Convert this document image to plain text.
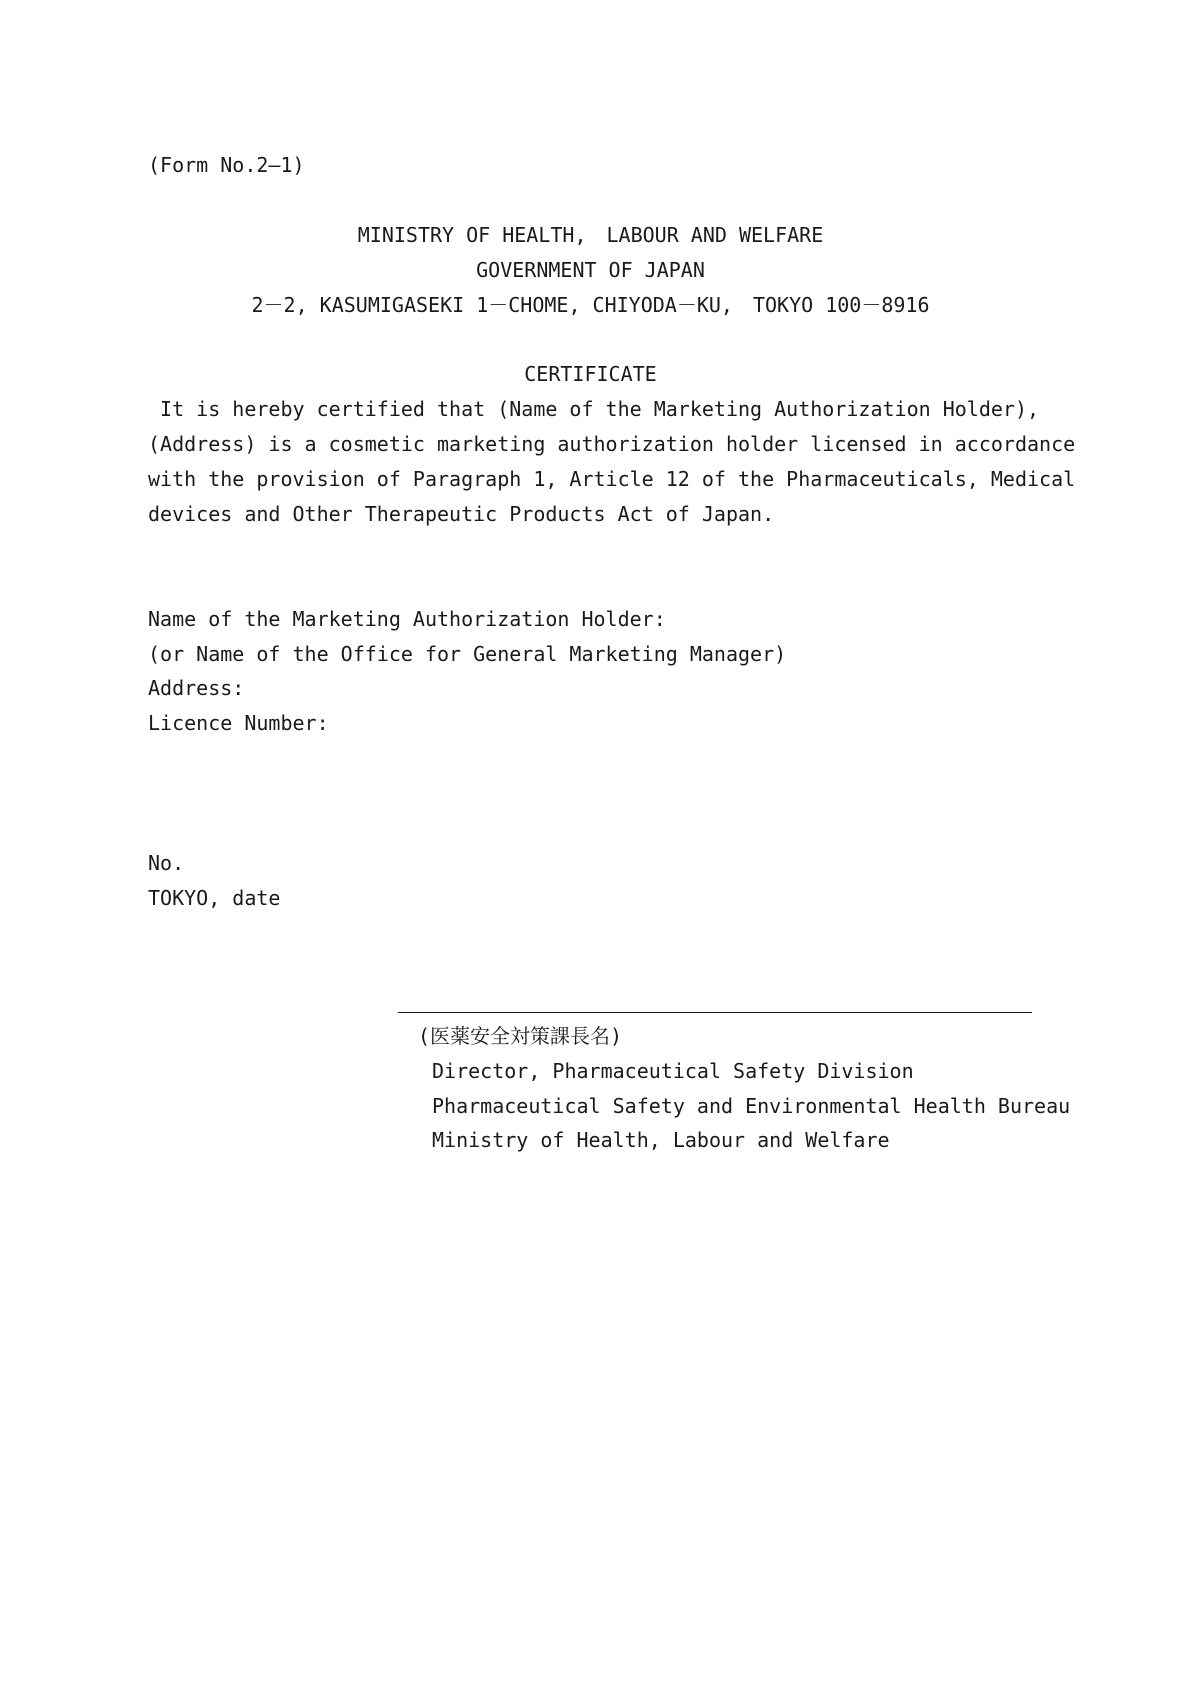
(Form No.2—1)
MINISTRY OF HEALTH,　LABOUR AND WELFARE
GOVERNMENT OF JAPAN
2－2, KASUMIGASEKI 1－CHOME, CHIYODA－KU,　TOKYO 100－8916
CERTIFICATE
It is hereby certified that (Name of the Marketing Authorization Holder),
(Address) is a cosmetic marketing authorization holder licensed in accordance
with the provision of Paragraph 1, Article 12 of the Pharmaceuticals, Medical
devices and Other Therapeutic Products Act of Japan.
Name of the Marketing Authorization Holder:
(or Name of the Office for General Marketing Manager)
Address:
Licence Number:
No.
TOKYO, date
(医薬安全対策課長名)
Director, Pharmaceutical Safety Division
Pharmaceutical Safety and Environmental Health Bureau
Ministry of Health, Labour and Welfare
